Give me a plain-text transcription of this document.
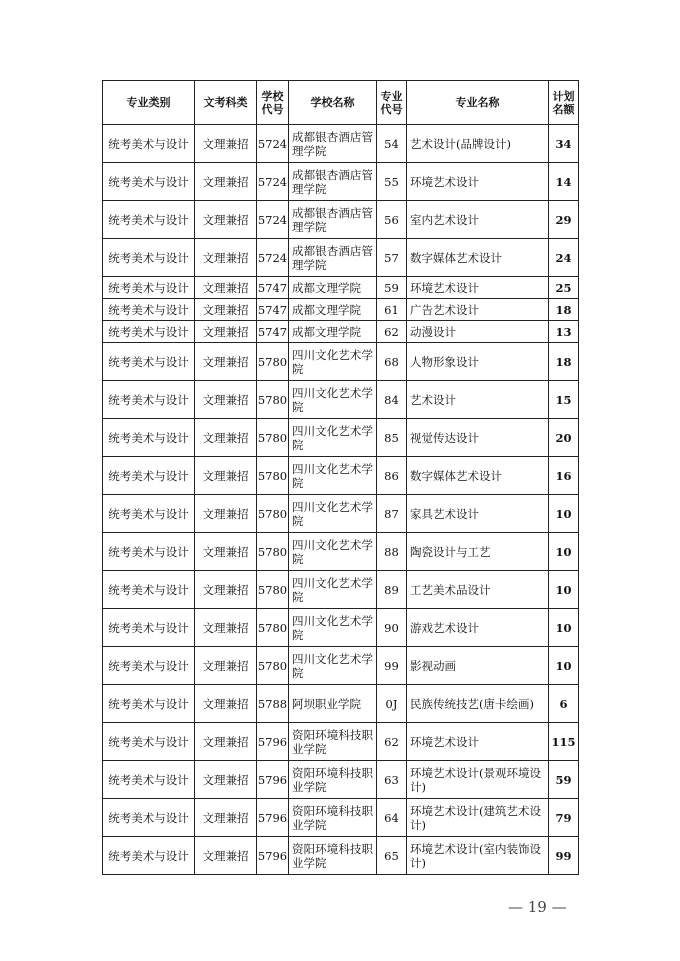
专业类别	文考科类	学校代号	学校名称	专业代号	专业名称	计划名额
统考美术与设计	文理兼招	5724	成都银杏酒店管理学院	54	艺术设计(品牌设计)	34
统考美术与设计	文理兼招	5724	成都银杏酒店管理学院	55	环境艺术设计	14
统考美术与设计	文理兼招	5724	成都银杏酒店管理学院	56	室内艺术设计	29
统考美术与设计	文理兼招	5724	成都银杏酒店管理学院	57	数字媒体艺术设计	24
统考美术与设计	文理兼招	5747	成都文理学院	59	环境艺术设计	25
统考美术与设计	文理兼招	5747	成都文理学院	61	广告艺术设计	18
统考美术与设计	文理兼招	5747	成都文理学院	62	动漫设计	13
统考美术与设计	文理兼招	5780	四川文化艺术学院	68	人物形象设计	18
统考美术与设计	文理兼招	5780	四川文化艺术学院	84	艺术设计	15
统考美术与设计	文理兼招	5780	四川文化艺术学院	85	视觉传达设计	20
统考美术与设计	文理兼招	5780	四川文化艺术学院	86	数字媒体艺术设计	16
统考美术与设计	文理兼招	5780	四川文化艺术学院	87	家具艺术设计	10
统考美术与设计	文理兼招	5780	四川文化艺术学院	88	陶瓷设计与工艺	10
统考美术与设计	文理兼招	5780	四川文化艺术学院	89	工艺美术品设计	10
统考美术与设计	文理兼招	5780	四川文化艺术学院	90	游戏艺术设计	10
统考美术与设计	文理兼招	5780	四川文化艺术学院	99	影视动画	10
统考美术与设计	文理兼招	5788	阿坝职业学院	0J	民族传统技艺(唐卡绘画)	6
统考美术与设计	文理兼招	5796	资阳环境科技职业学院	62	环境艺术设计	115
统考美术与设计	文理兼招	5796	资阳环境科技职业学院	63	环境艺术设计(景观环境设计)	59
统考美术与设计	文理兼招	5796	资阳环境科技职业学院	64	环境艺术设计(建筑艺术设计)	79
统考美术与设计	文理兼招	5796	资阳环境科技职业学院	65	环境艺术设计(室内装饰设计)	99
— 19 —
